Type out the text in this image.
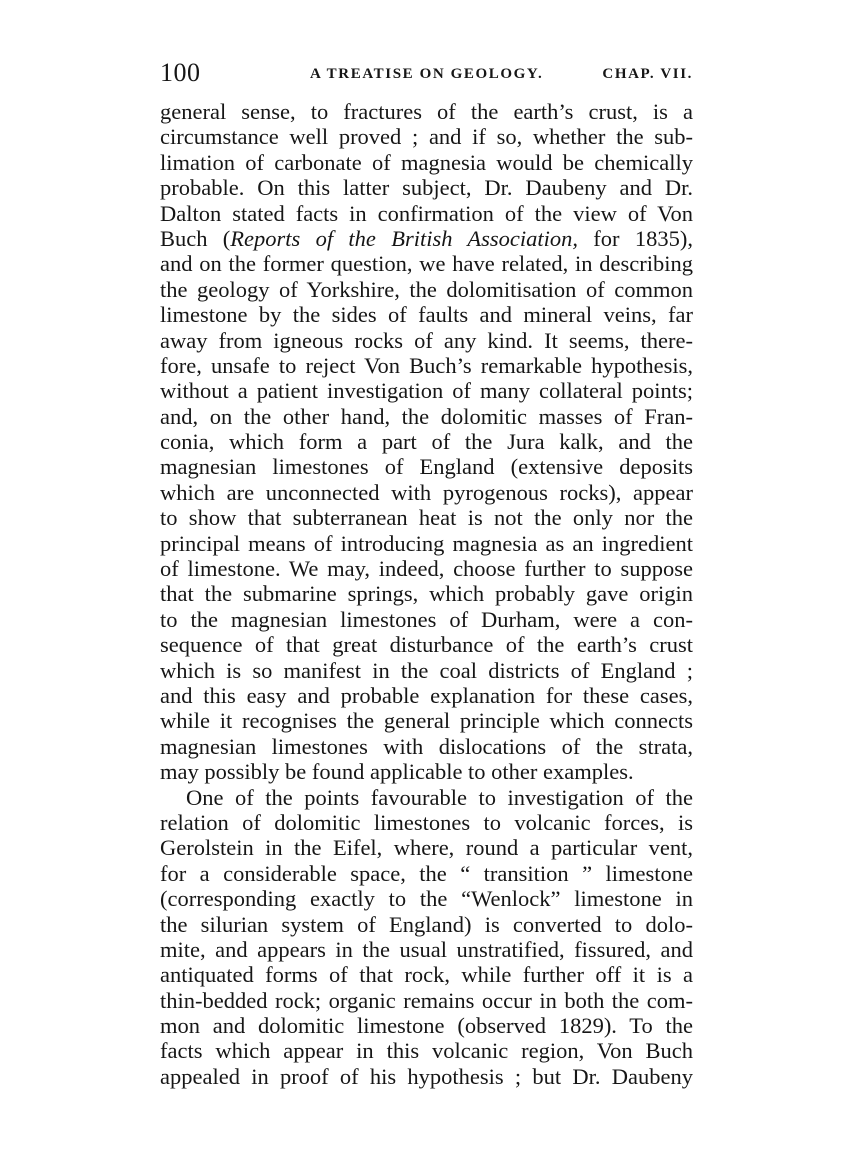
100	A TREATISE ON GEOLOGY.	CHAP. VII.
general sense, to fractures of the earth’s crust, is a
circumstance well proved ; and if so, whether the sub-
limation of carbonate of magnesia would be chemically
probable. On this latter subject, Dr. Daubeny and Dr.
Dalton stated facts in confirmation of the view of Von
Buch (Reports of the British Association, for 1835),
and on the former question, we have related, in describing
the geology of Yorkshire, the dolomitisation of common
limestone by the sides of faults and mineral veins, far
away from igneous rocks of any kind. It seems, there-
fore, unsafe to reject Von Buch’s remarkable hypothesis,
without a patient investigation of many collateral points;
and, on the other hand, the dolomitic masses of Fran-
conia, which form a part of the Jura kalk, and the
magnesian limestones of England (extensive deposits
which are unconnected with pyrogenous rocks), appear
to show that subterranean heat is not the only nor the
principal means of introducing magnesia as an ingredient
of limestone. We may, indeed, choose further to suppose
that the submarine springs, which probably gave origin
to the magnesian limestones of Durham, were a con-
sequence of that great disturbance of the earth’s crust
which is so manifest in the coal districts of England ;
and this easy and probable explanation for these cases,
while it recognises the general principle which connects
magnesian limestones with dislocations of the strata,
may possibly be found applicable to other examples.
One of the points favourable to investigation of the
relation of dolomitic limestones to volcanic forces, is
Gerolstein in the Eifel, where, round a particular vent,
for a considerable space, the “ transition ” limestone
(corresponding exactly to the “Wenlock” limestone in
the silurian system of England) is converted to dolo-
mite, and appears in the usual unstratified, fissured, and
antiquated forms of that rock, while further off it is a
thin-bedded rock; organic remains occur in both the com-
mon and dolomitic limestone (observed 1829). To the
facts which appear in this volcanic region, Von Buch
appealed in proof of his hypothesis ; but Dr. Daubeny
